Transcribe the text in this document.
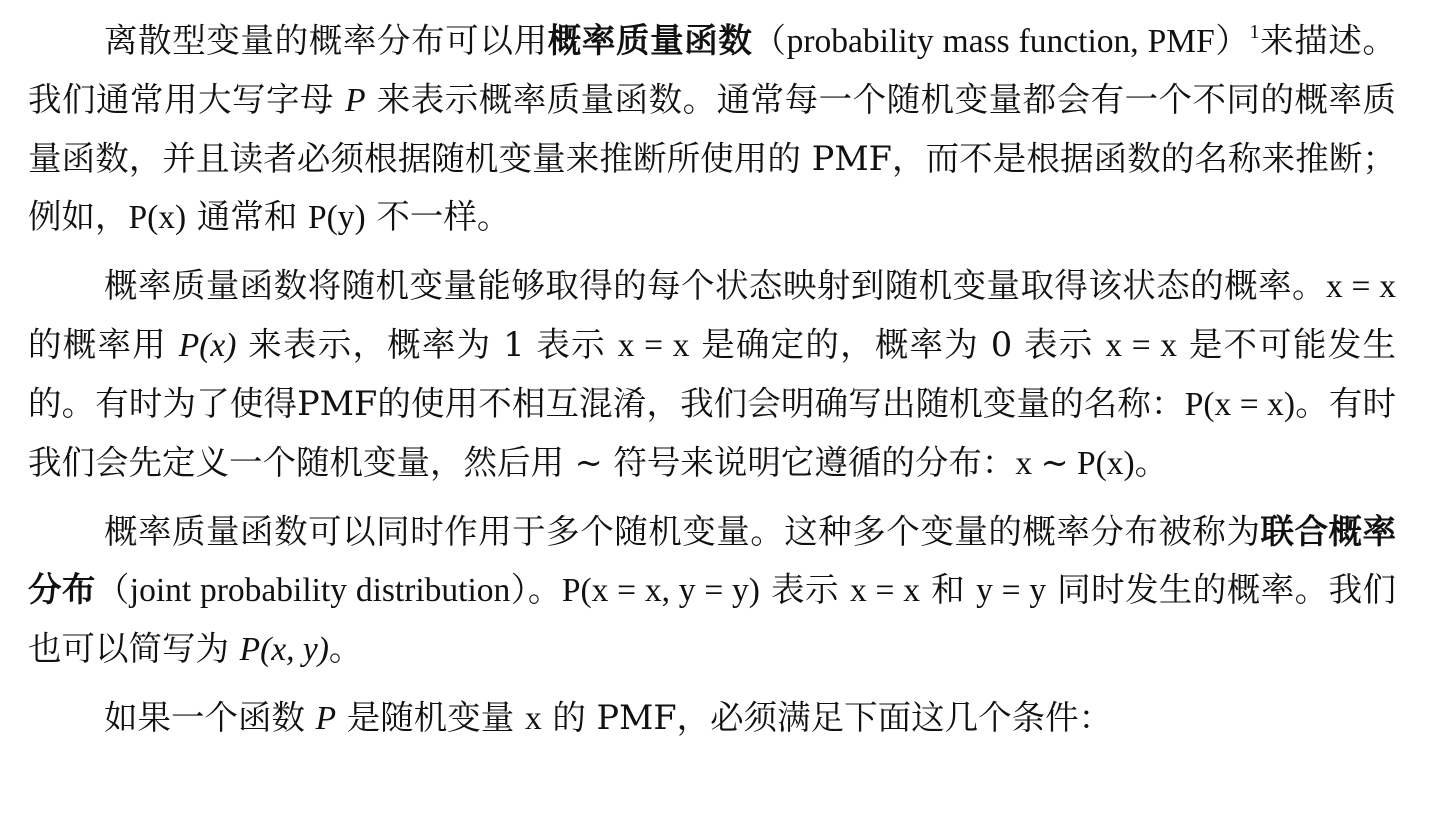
离散型变量的概率分布可以用概率质量函数（probability mass function, PMF）$^1$来描述。我们通常用大写字母 P 来表示概率质量函数。通常每一个随机变量都会有一个不同的概率质量函数，并且读者必须根据随机变量来推断所使用的 PMF，而不是根据函数的名称来推断；例如，P(x) 通常和 P(y) 不一样。

概率质量函数将随机变量能够取得的每个状态映射到随机变量取得该状态的概率。x = x 的概率用 P(x) 来表示，概率为 1 表示 x = x 是确定的，概率为 0 表示 x = x 是不可能发生的。有时为了使得PMF的使用不相互混淆，我们会明确写出随机变量的名称：P(x = x)。有时我们会先定义一个随机变量，然后用 ∼ 符号来说明它遵循的分布：x ∼ P(x)。

概率质量函数可以同时作用于多个随机变量。这种多个变量的概率分布被称为联合概率分布（joint probability distribution）。P(x = x, y = y) 表示 x = x 和 y = y 同时发生的概率。我们也可以简写为 P(x, y)。

如果一个函数 P 是随机变量 x 的 PMF，必须满足下面这几个条件：
